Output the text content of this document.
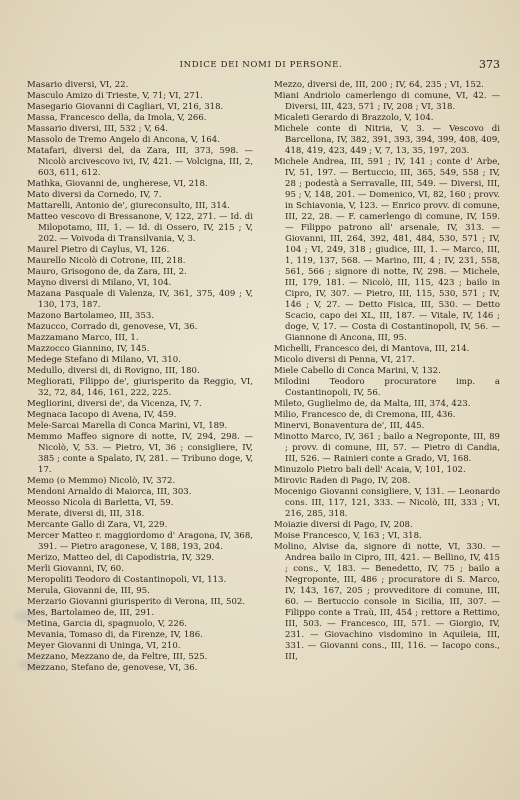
INDICE DEI NOMI DI PERSONE.	373

Masario diversi, VI, 22.

Masculo Amizo di Trieste, V, 71; VI, 271.

Masegario Giovanni di Cagliari, VI, 216, 318.

Massa, Francesco della, da Imola, V, 266.

Massario diversi, III, 532 ; V, 64.

Massolo de Tremo Angelo di Ancona, V, 164.

Matafari, diversi del, da Zara, III, 373, 598. — Nicolò arcivescovo ivi, IV, 421. — Volcigna, III, 2, 603, 611, 612.

Mathka, Giovanni de, ungherese, VI, 218.

Mato diversi da Cornedo, IV, 7.

Mattarelli, Antonio de', giureconsulto, III, 314.

Matteo vescovo di Bressanone, V, 122, 271. — Id. di Milopotamo, III, 1. — Id. di Ossero, IV, 215 ; V, 202. — Voivoda di Transilvania, V, 3.

Maurel Pietro di Caylus, VI, 126.

Maurello Nicolò di Cotrone, III, 218.

Mauro, Grisogono de, da Zara, III, 2.

Mayno diversi di Milano, VI, 104.

Mazana Pasquale di Valenza, IV, 361, 375, 409 ; V, 130, 173, 187.

Mazono Bartolameo, III, 353.

Mazucco, Corrado di, genovese, VI, 36.

Mazzamano Marco, III, 1.

Mazzocco Giannino, IV, 145.

Medege Stefano di Milano, VI, 310.

Medullo, diversi di, di Rovigno, III, 180.

Megliorati, Filippo de', giurisperito da Reggio, VI, 32, 72, 84, 146, 161, 222, 225.

Megliorini, diversi de', da Vicenza, IV, 7.

Megnaca Iacopo di Avena, IV, 459.

Mele-Sarcai Marella di Conca Marini, VI, 189.

Memmo Maffeo signore di notte, IV, 294, 298. — Nicolò, V, 53. — Pietro, VI, 36 ; consigliere, IV, 385 ; conte a Spalato, IV, 281. — Tribuno doge, V, 17.

Memo (o Memmo) Nicolò, IV, 372.

Mendoni Arnaldo di Maiorca, III, 303.

Meosso Nicola di Barletta, VI, 59.

Merate, diversi di, III, 318.

Mercante Gallo di Zara, VI, 229.

Mercer Matteo r. maggiordomo d' Aragona, IV, 368, 391. — Pietro aragonese, V, 188, 193, 204.

Merizo, Matteo del, di Capodistria, IV, 329.

Merli Giovanni, IV, 60.

Meropoliti Teodoro di Costantinopoli, VI, 113.

Merula, Giovanni de, III, 95.

Merzario Giovanni giurisperito di Verona, III, 502.

Mes, Bartolameo de, III, 291.

Metina, Garcia di, spagnuolo, V, 226.

Mevania, Tomaso di, da Firenze, IV, 186.

Meyer Giovanni di Uninga, VI, 210.

Mezzano, Mezzano de, da Feltre, III, 525.

Mezzano, Stefano de, genovese, VI, 36.

Mezzo, diversi de, III, 200 ; IV, 64, 235 ; VI, 152.

Miani Andriolo camerlengo di comune, VI, 42. — Diversi, III, 423, 571 ; IV, 208 ; VI, 318.

Micaleti Gerardo di Brazzolo, V, 104.

Michele conte di Nitria, V, 3. — Vescovo di Barcellona, IV, 382, 391, 393, 394, 399, 408, 409, 418, 419, 423, 449 ; V, 7, 13, 35, 197, 203.

Michele Andrea, III, 591 ; IV, 141 ; conte d' Arbe, IV, 51, 197. — Bertuccio, III, 365, 549, 558 ; IV, 28 ; podestà a Serravalle, III, 549. — Diversi, III, 95 ; V, 148, 201. — Domenico, VI, 82, 160 ; provv. in Schiavonia, V, 123. — Enrico provv. di comune, III, 22, 28. — F. camerlengo di comune, IV, 159. — Filippo patrono all' arsenale, IV, 313. — Giovanni, III, 264, 392, 481, 484, 530, 571 ; IV, 104 ; VI, 249, 318 ; giudice, III, 1. — Marco, III, 1, 119, 137, 568. — Marino, III, 4 ; IV, 231, 558, 561, 566 ; signore di notte, IV, 298. — Michele, III, 179, 181. — Nicolò, III, 115, 423 ; bailo in Cipro, IV, 307. — Pietro, III, 115, 530, 571 ; IV, 146 ; V, 27. — Detto Fisica, III, 530. — Detto Scacio, capo dei XL, III, 187. — Vitale, IV, 146 ; doge, V, 17. — Costa di Costantinopoli, IV, 56. — Giannone di Ancona, III, 95.

Michelli, Francesco dei, di Mantova, III, 214.

Micolo diversi di Penna, VI, 217.

Miele Cabello di Conca Marini, V, 132.

Milodini Teodoro procuratore imp. a Costantinopoli, IV, 56.

Mileto, Guglielmo de, da Malta, III, 374, 423.

Milio, Francesco de, di Cremona, III, 436.

Minervi, Bonaventura de', III, 445.

Minotto Marco, IV, 361 ; bailo a Negroponte, III, 89 ; provv. di comune, III, 57. — Pietro di Candia, III, 526. — Rainieri conte a Grado, VI, 168.

Minuzolo Pietro bali dell' Acaia, V, 101, 102.

Mirovic Raden di Pago, IV, 208.

Mocenigo Giovanni consigliere, V, 131. — Leonardo cons. III, 117, 121, 333. — Nicolò, III, 333 ; VI, 216, 285, 318.

Moiazie diversi di Pago, IV, 208.

Moise Francesco, V, 163 ; VI, 318.

Molino, Alvise da, signore di notte, VI, 330. — Andrea bailo in Cipro, III, 421. — Bellino, IV, 415 ; cons., V, 183. — Benedetto, IV, 75 ; bailo a Negroponte, III, 486 ; procuratore di S. Marco, IV, 143, 167, 205 ; provveditore di comune, III, 60. — Bertuccio console in Sicilia, III, 307. — Filippo conte a Traù, III, 454 ; rettore a Rettimo, III, 503. — Francesco, III, 571. — Giorgio, IV, 231. — Giovachino visdomino in Aquileia, III, 331. — Giovanni cons., III, 116. — Iacopo cons., III,
